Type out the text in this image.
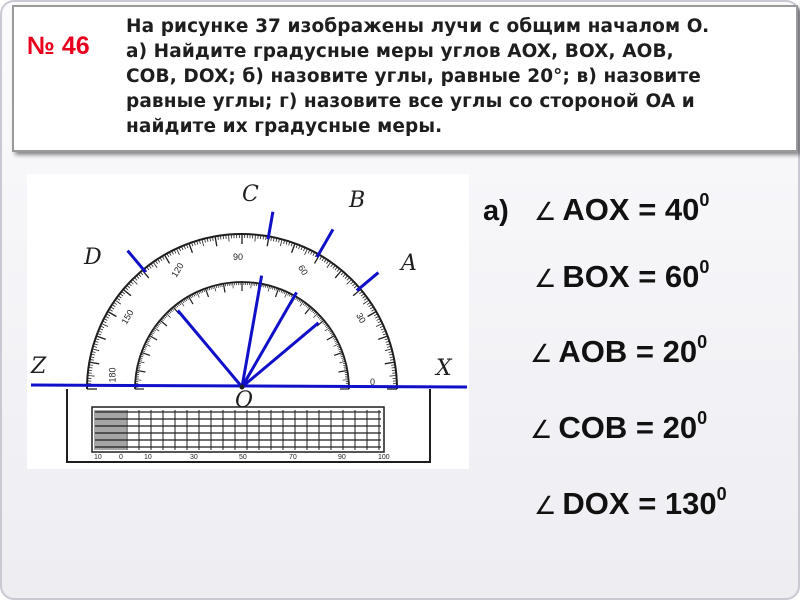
№ 46
На рисунке 37 изображены лучи с общим началом O.
а) Найдите градусные меры углов AOX, BOX, AOB,
COB, DOX; б) назовите углы, равные 20°; в) назовите
равные углы; г) назовите все углы со стороной OA и
найдите их градусные меры.
C	B
A
D
Z	X
O
120
90
60
150	30
180	0
10 0	10	30	50	70	90	100
а) ∠ AOX = $40^0$
∠ BOX = $60^0$
∠ AOB = $20^0$
∠ COB = $20^0$
∠ DOX = $130^0$
